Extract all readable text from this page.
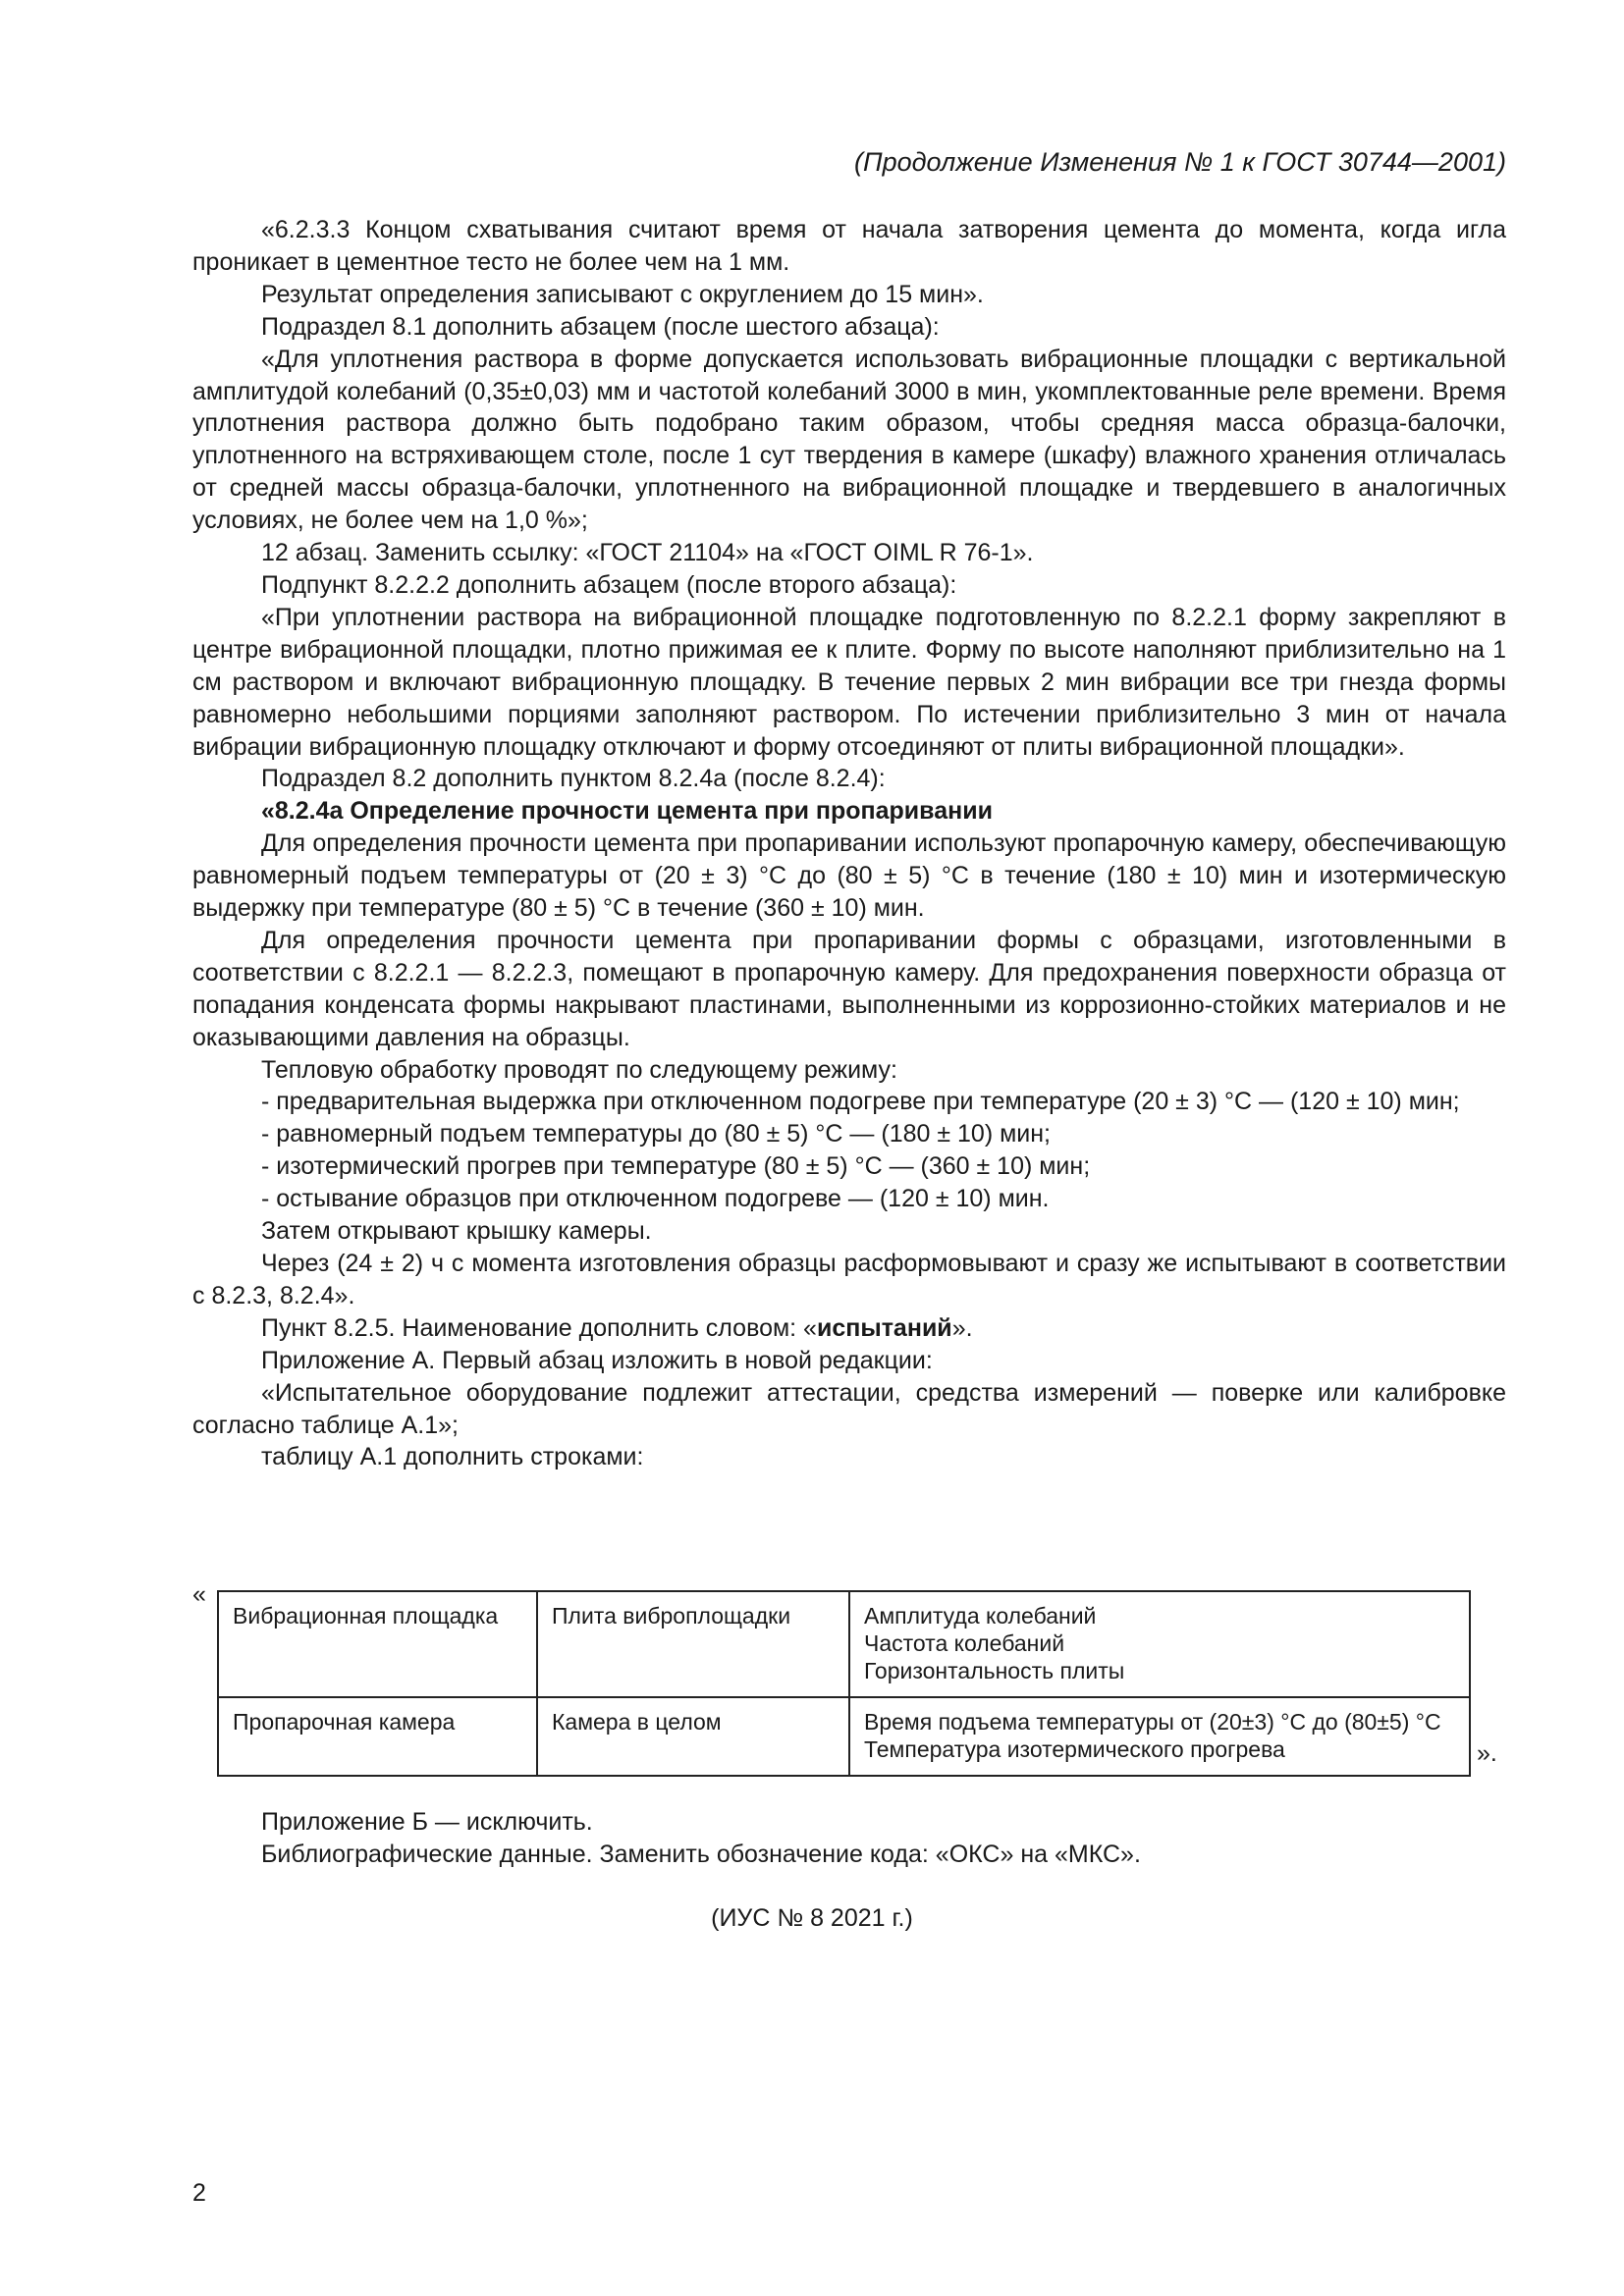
(Продолжение Изменения № 1 к ГОСТ 30744—2001)

«6.2.3.3 Концом схватывания считают время от начала затворения цемента до момента, когда игла проникает в цементное тесто не более чем на 1 мм.

Результат определения записывают с округлением до 15 мин».

Подраздел 8.1 дополнить абзацем (после шестого абзаца):

«Для уплотнения раствора в форме допускается использовать вибрационные площадки с вертикальной амплитудой колебаний (0,35±0,03) мм и частотой колебаний 3000 в мин, укомплектованные реле времени. Время уплотнения раствора должно быть подобрано таким образом, чтобы средняя масса образца-балочки, уплотненного на встряхивающем столе, после 1 сут твердения в камере (шкафу) влажного хранения отличалась от средней массы образца-балочки, уплотненного на вибрационной площадке и твердевшего в аналогичных условиях, не более чем на 1,0 %»;

12 абзац. Заменить ссылку: «ГОСТ 21104» на «ГОСТ OIML R 76-1».

Подпункт 8.2.2.2 дополнить абзацем (после второго абзаца):

«При уплотнении раствора на вибрационной площадке подготовленную по 8.2.2.1 форму закрепляют в центре вибрационной площадки, плотно прижимая ее к плите. Форму по высоте наполняют приблизительно на 1 см раствором и включают вибрационную площадку. В течение первых 2 мин вибрации все три гнезда формы равномерно небольшими порциями заполняют раствором. По истечении приблизительно 3 мин от начала вибрации вибрационную площадку отключают и форму отсоединяют от плиты вибрационной площадки».

Подраздел 8.2 дополнить пунктом 8.2.4а (после 8.2.4):

«8.2.4а Определение прочности цемента при пропаривании

Для определения прочности цемента при пропаривании используют пропарочную камеру, обеспечивающую равномерный подъем температуры от (20 ± 3) °С до (80 ± 5) °С в течение (180 ± 10) мин и изотермическую выдержку при температуре (80 ± 5) °С в течение (360 ± 10) мин.

Для определения прочности цемента при пропаривании формы с образцами, изготовленными в соответствии с 8.2.2.1 — 8.2.2.3, помещают в пропарочную камеру. Для предохранения поверхности образца от попадания конденсата формы накрывают пластинами, выполненными из коррозионно-стойких материалов и не оказывающими давления на образцы.

Тепловую обработку проводят по следующему режиму:

- предварительная выдержка при отключенном подогреве при температуре (20 ± 3) °С — (120 ± 10) мин;

- равномерный подъем температуры до (80 ± 5) °С — (180 ± 10) мин;

- изотермический прогрев при температуре (80 ± 5) °С — (360 ± 10) мин;

- остывание образцов при отключенном подогреве — (120 ± 10) мин.

Затем открывают крышку камеры.

Через (24 ± 2) ч с момента изготовления образцы расформовывают и сразу же испытывают в соответствии с 8.2.3, 8.2.4».

Пункт 8.2.5. Наименование дополнить словом: «испытаний».

Приложение А. Первый абзац изложить в новой редакции:

«Испытательное оборудование подлежит аттестации, средства измерений — поверке или калибровке согласно таблице А.1»;

таблицу А.1 дополнить строками:

«
Вибрационная площадка	Плита виброплощадки	Амплитуда колебаний
Частота колебаний
Горизонтальность плиты

Пропарочная камера	Камера в целом	Время подъема температуры от (20±3) °С до (80±5) °С
Температура изотермического прогрева	».

Приложение Б — исключить.

Библиографические данные. Заменить обозначение кода: «ОКС» на «МКС».

(ИУС № 8 2021 г.)
2
